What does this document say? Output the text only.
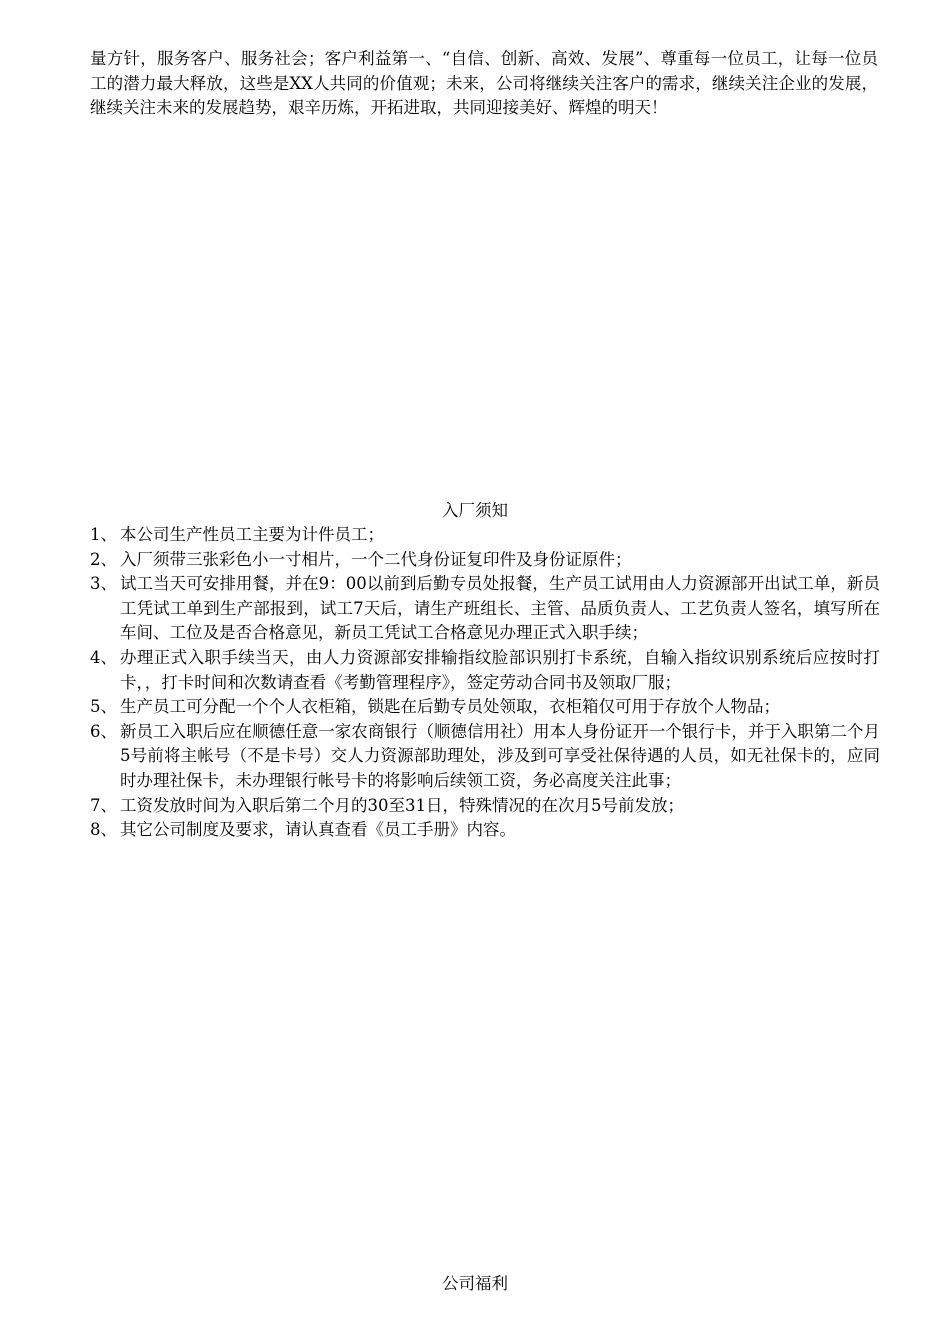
量方针，服务客户、服务社会；客户利益第一、“自信、创新、高效、发展”、尊重每一位员工，让每一位员工的潜力最大释放，这些是XX人共同的价值观；未来，公司将继续关注客户的需求，继续关注企业的发展，继续关注未来的发展趋势，艰辛历炼，开拓进取，共同迎接美好、辉煌的明天！

入厂须知
1、 本公司生产性员工主要为计件员工；
2、 入厂须带三张彩色小一寸相片，一个二代身份证复印件及身份证原件；
3、 试工当天可安排用餐，并在9：00以前到后勤专员处报餐，生产员工试用由人力资源部开出试工单，新员工凭试工单到生产部报到，试工7天后，请生产班组长、主管、品质负责人、工艺负责人签名，填写所在车间、工位及是否合格意见，新员工凭试工合格意见办理正式入职手续；
4、 办理正式入职手续当天，由人力资源部安排输指纹脸部识别打卡系统，自输入指纹识别系统后应按时打卡，，打卡时间和次数请查看《考勤管理程序》，签定劳动合同书及领取厂服；
5、 生产员工可分配一个个人衣柜箱，锁匙在后勤专员处领取，衣柜箱仅可用于存放个人物品；
6、 新员工入职后应在顺德任意一家农商银行（顺德信用社）用本人身份证开一个银行卡，并于入职第二个月5号前将主帐号（不是卡号）交人力资源部助理处，涉及到可享受社保待遇的人员，如无社保卡的，应同时办理社保卡，未办理银行帐号卡的将影响后续领工资，务必高度关注此事；
7、 工资发放时间为入职后第二个月的30至31日，特殊情况的在次月5号前发放；
8、 其它公司制度及要求，请认真查看《员工手册》内容。
公司福利
